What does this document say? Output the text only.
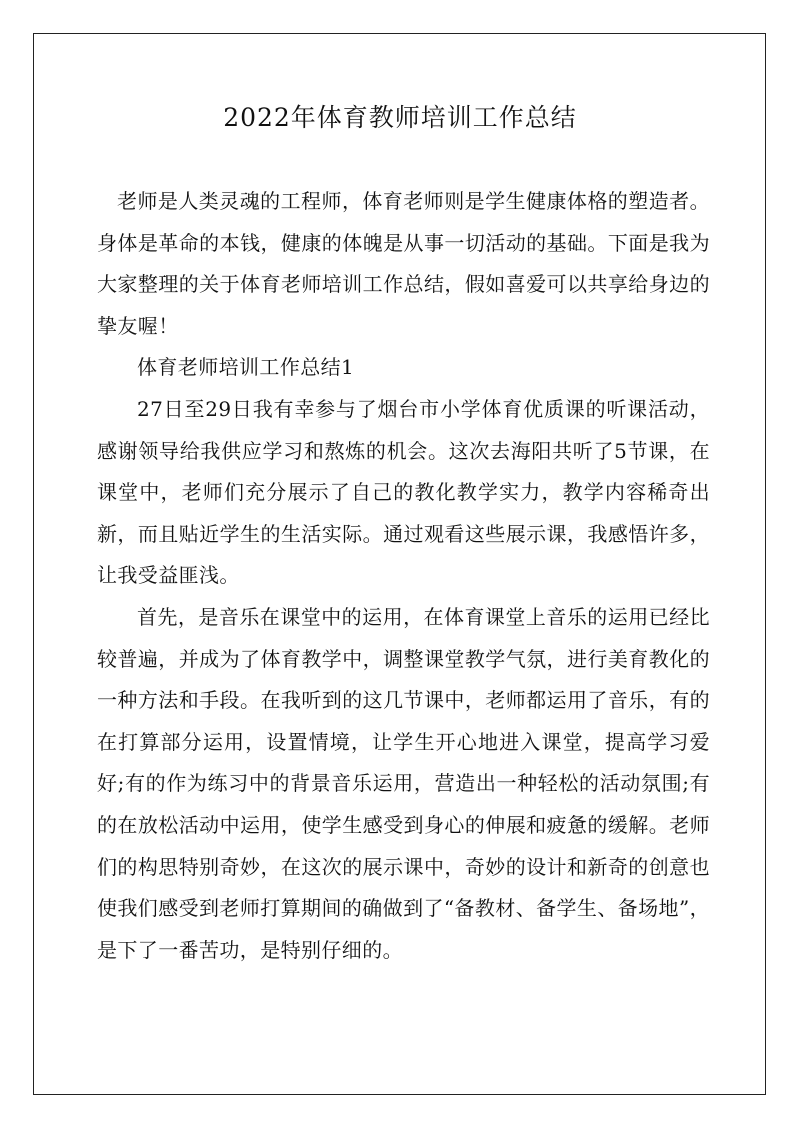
2022年体育教师培训工作总结

老师是人类灵魂的工程师，体育老师则是学生健康体格的塑造者。身体是革命的本钱，健康的体魄是从事一切活动的基础。下面是我为大家整理的关于体育老师培训工作总结，假如喜爱可以共享给身边的挚友喔！

体育老师培训工作总结1

27日至29日我有幸参与了烟台市小学体育优质课的听课活动，感谢领导给我供应学习和熬炼的机会。这次去海阳共听了5节课，在课堂中，老师们充分展示了自己的教化教学实力，教学内容稀奇出新，而且贴近学生的生活实际。通过观看这些展示课，我感悟许多，让我受益匪浅。

首先，是音乐在课堂中的运用，在体育课堂上音乐的运用已经比较普遍，并成为了体育教学中，调整课堂教学气氛，进行美育教化的一种方法和手段。在我听到的这几节课中，老师都运用了音乐，有的在打算部分运用，设置情境，让学生开心地进入课堂，提高学习爱好;有的作为练习中的背景音乐运用，营造出一种轻松的活动氛围;有的在放松活动中运用，使学生感受到身心的伸展和疲惫的缓解。老师们的构思特别奇妙，在这次的展示课中，奇妙的设计和新奇的创意也使我们感受到老师打算期间的确做到了“备教材、备学生、备场地”，是下了一番苦功，是特别仔细的。
